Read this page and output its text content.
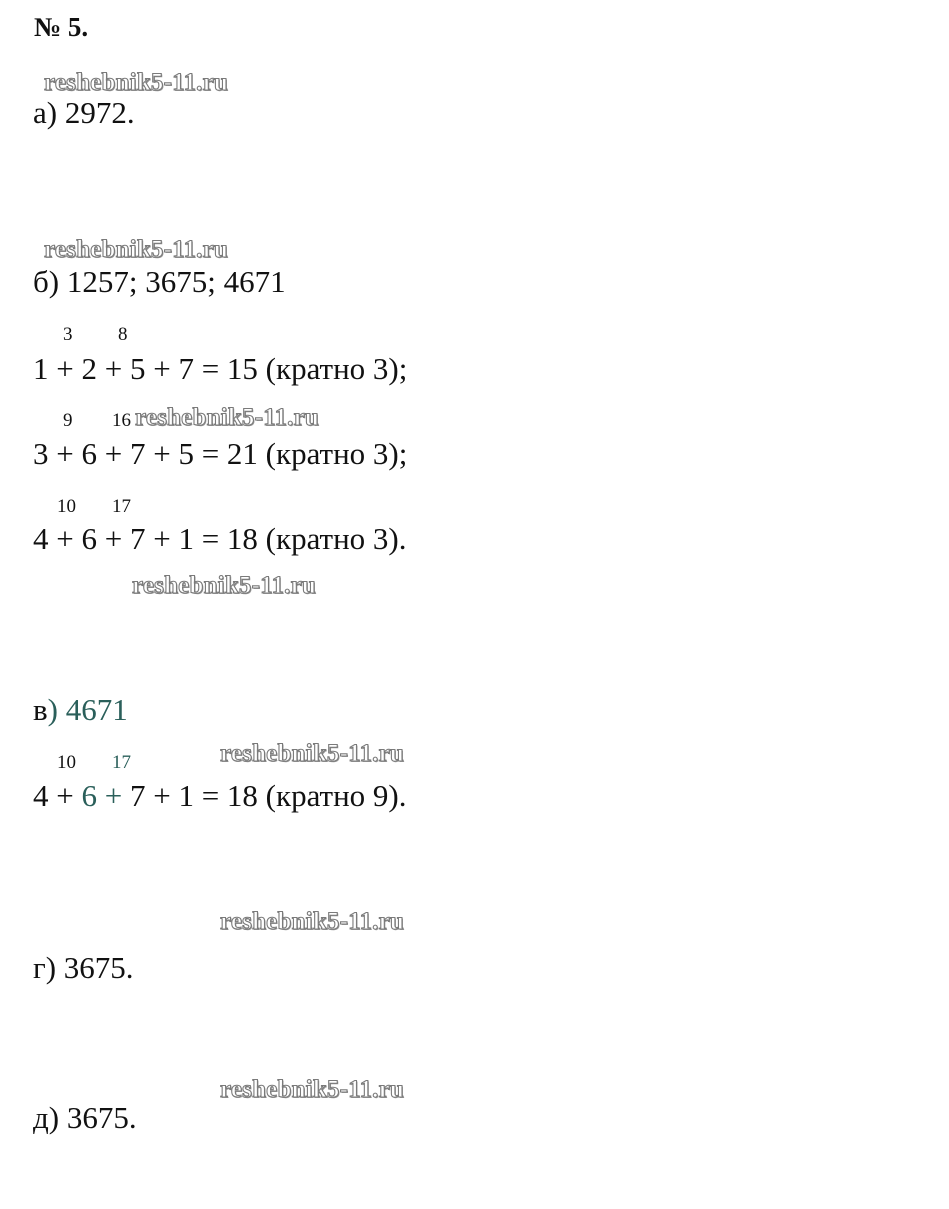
№ 5.
reshebnik5-11.ru
а) 2972.
reshebnik5-11.ru
б) 1257; 3675; 4671
3 8
1 + 2 + 5 + 7 = 15 (кратно 3);
9 16 reshebnik5-11.ru
3 + 6 + 7 + 5 = 21 (кратно 3);
10 17
4 + 6 + 7 + 1 = 18 (кратно 3).
reshebnik5-11.ru
в) 4671
10 17	reshebnik5-11.ru
4 + 6 + 7 + 1 = 18 (кратно 9).
reshebnik5-11.ru
г) 3675.
reshebnik5-11.ru
д) 3675.
